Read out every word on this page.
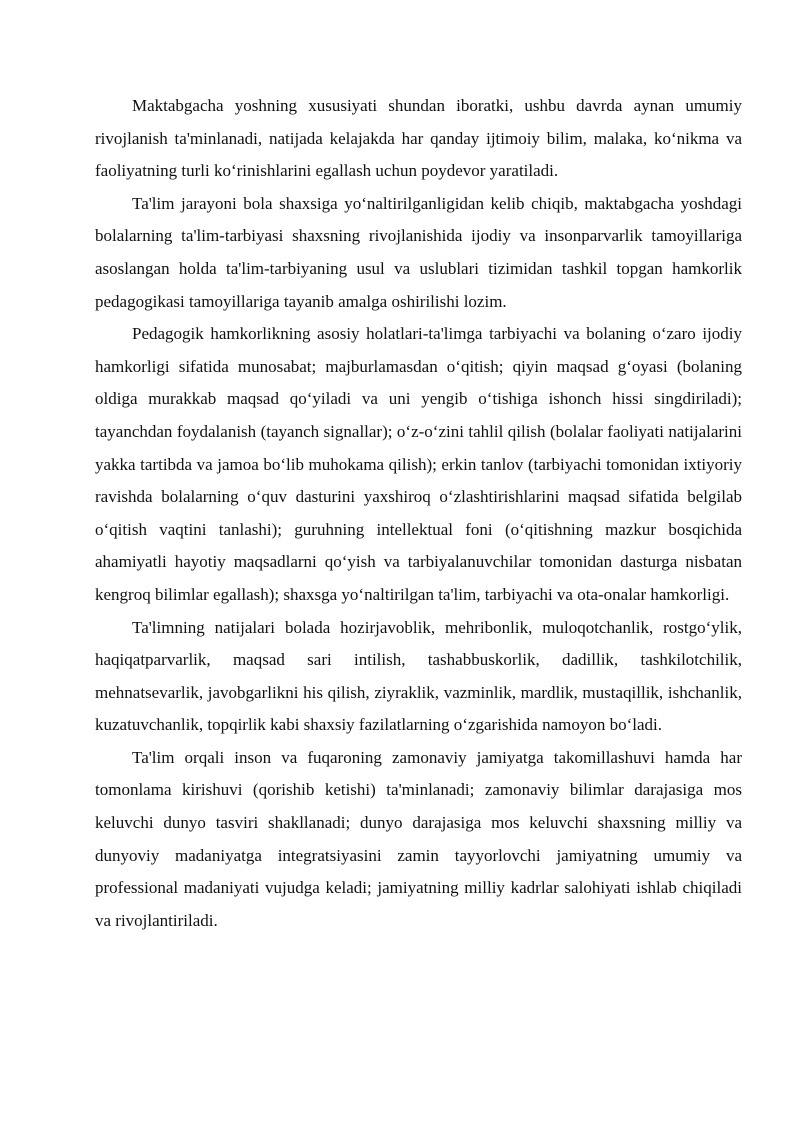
Maktabgacha yoshning xususiyati shundan iboratki, ushbu davrda aynan umumiy rivojlanish ta'minlanadi, natijada kelajakda har qanday ijtimoiy bilim, malaka, koʻnikma va faoliyatning turli koʻrinishlarini egallash uchun poydevor yaratiladi.

Ta'lim jarayoni bola shaxsiga yoʻnaltirilganligidan kelib chiqib, maktabgacha yoshdagi bolalarning ta'lim-tarbiyasi shaxsning rivojlanishida ijodiy va insonparvarlik tamoyillariga asoslangan holda ta'lim-tarbiyaning usul va uslublari tizimidan tashkil topgan hamkorlik pedagogikasi tamoyillariga tayanib amalga oshirilishi lozim.

Pedagogik hamkorlikning asosiy holatlari-ta'limga tarbiyachi va bolaning oʻzaro ijodiy hamkorligi sifatida munosabat; majburlamasdan oʻqitish; qiyin maqsad gʻoyasi (bolaning oldiga murakkab maqsad qoʻyiladi va uni yengib oʻtishiga ishonch hissi singdiriladi); tayanchdan foydalanish (tayanch signallar); oʻz-oʻzini tahlil qilish (bolalar faoliyati natijalarini yakka tartibda va jamoa boʻlib muhokama qilish); erkin tanlov (tarbiyachi tomonidan ixtiyoriy ravishda bolalarning oʻquv dasturini yaxshiroq oʻzlashtirishlarini maqsad sifatida belgilab oʻqitish vaqtini tanlashi); guruhning intellektual foni (oʻqitishning mazkur bosqichida ahamiyatli hayotiy maqsadlarni qoʻyish va tarbiyalanuvchilar tomonidan dasturga nisbatan kengroq bilimlar egallash); shaxsga yoʻnaltirilgan ta'lim, tarbiyachi va ota-onalar hamkorligi.

Ta'limning natijalari bolada hozirjavoblik, mehribonlik, muloqotchanlik, rostgoʻylik, haqiqatparvarlik, maqsad sari intilish, tashabbuskorlik, dadillik, tashkilotchilik, mehnatsevarlik, javobgarlikni his qilish, ziyraklik, vazminlik, mardlik, mustaqillik, ishchanlik, kuzatuvchanlik, topqirlik kabi shaxsiy fazilatlarning oʻzgarishida namoyon boʻladi.

Ta'lim orqali inson va fuqaroning zamonaviy jamiyatga takomillashuvi hamda har tomonlama kirishuvi (qorishib ketishi) ta'minlanadi; zamonaviy bilimlar darajasiga mos keluvchi dunyo tasviri shakllanadi; dunyo darajasiga mos keluvchi shaxsning milliy va dunyoviy madaniyatga integratsiyasini zamin tayyorlovchi jamiyatning umumiy va professional madaniyati vujudga keladi; jamiyatning milliy kadrlar salohiyati ishlab chiqiladi va rivojlantiriladi.
